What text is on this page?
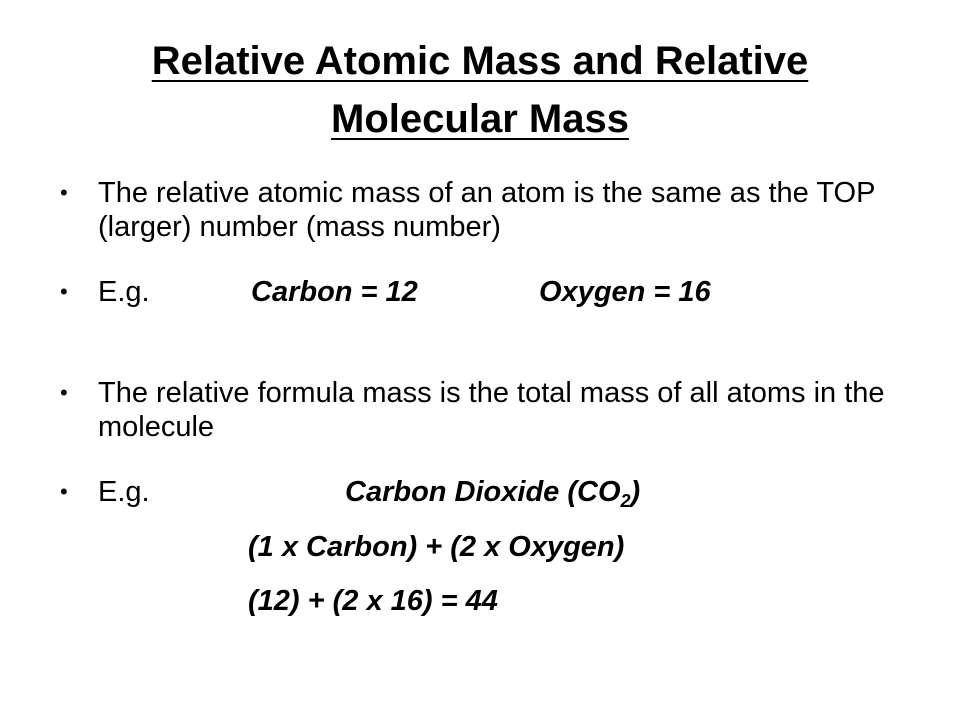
Relative Atomic Mass and Relative
Molecular Mass
•	The relative atomic mass of an atom is the same as the TOP (larger) number (mass number)
•	E.g.	Carbon = 12	Oxygen = 16
•	The relative formula mass is the total mass of all atoms in the molecule
•	E.g.	Carbon Dioxide $(CO_2)$
(1 x Carbon) + (2 x Oxygen)
(12) + (2 x 16) = 44
